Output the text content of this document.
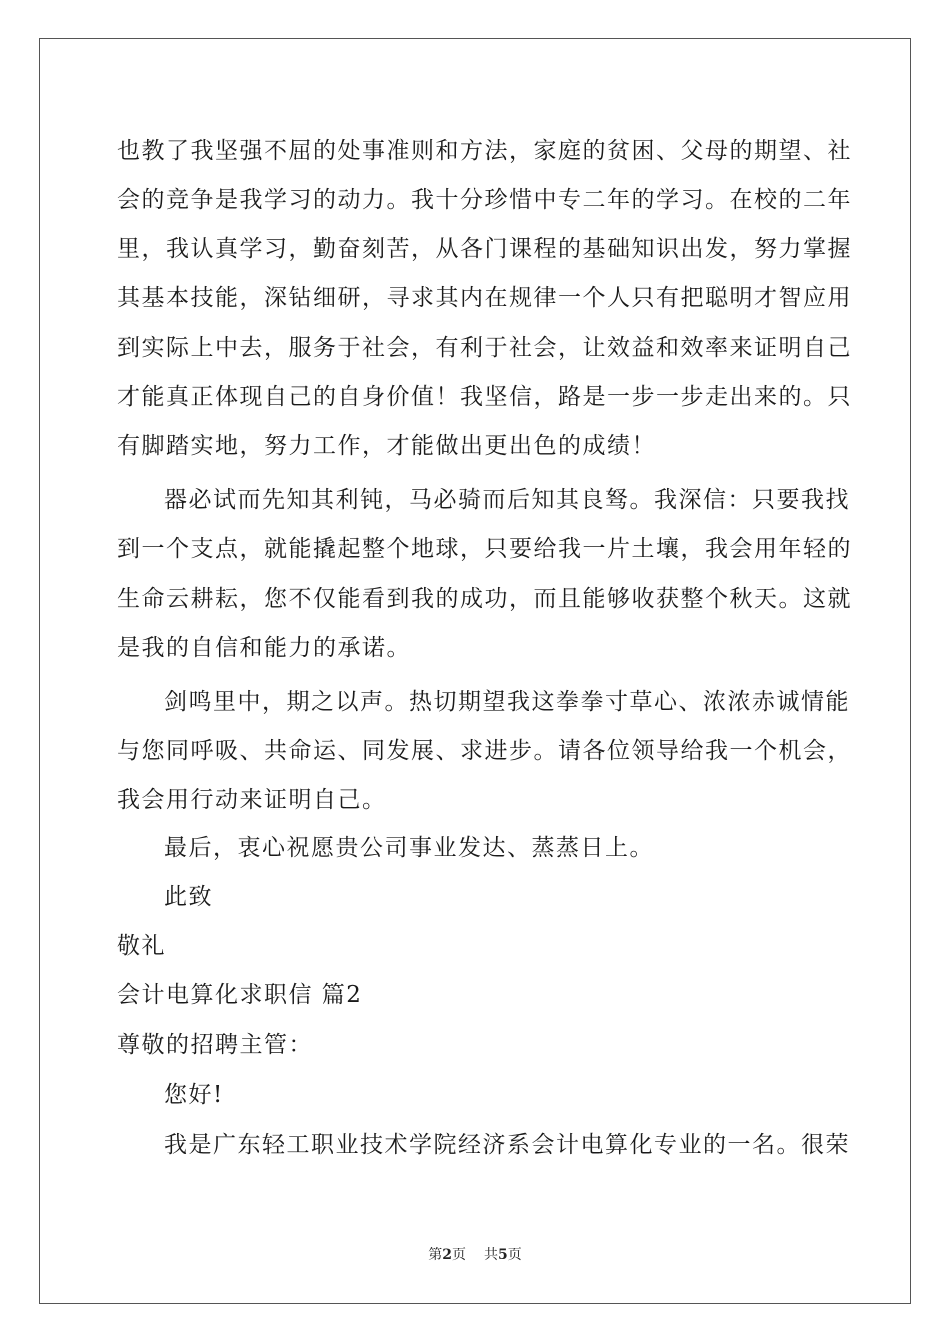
也教了我坚强不屈的处事准则和方法，家庭的贫困、父母的期望、社
会的竞争是我学习的动力。我十分珍惜中专二年的学习。在校的二年
里，我认真学习，勤奋刻苦，从各门课程的基础知识出发，努力掌握
其基本技能，深钻细研，寻求其内在规律一个人只有把聪明才智应用
到实际上中去，服务于社会，有利于社会，让效益和效率来证明自己
才能真正体现自己的自身价值！我坚信，路是一步一步走出来的。只
有脚踏实地，努力工作，才能做出更出色的成绩！
器必试而先知其利钝，马必骑而后知其良驽。我深信：只要我找
到一个支点，就能撬起整个地球，只要给我一片土壤，我会用年轻的
生命云耕耘，您不仅能看到我的成功，而且能够收获整个秋天。这就
是我的自信和能力的承诺。
剑鸣里中，期之以声。热切期望我这拳拳寸草心、浓浓赤诚情能
与您同呼吸、共命运、同发展、求进步。请各位领导给我一个机会，
我会用行动来证明自己。
最后，衷心祝愿贵公司事业发达、蒸蒸日上。
此致
敬礼
会计电算化求职信 篇2
尊敬的招聘主管：
您好!
我是广东轻工职业技术学院经济系会计电算化专业的一名。很荣
第2页 共5页
